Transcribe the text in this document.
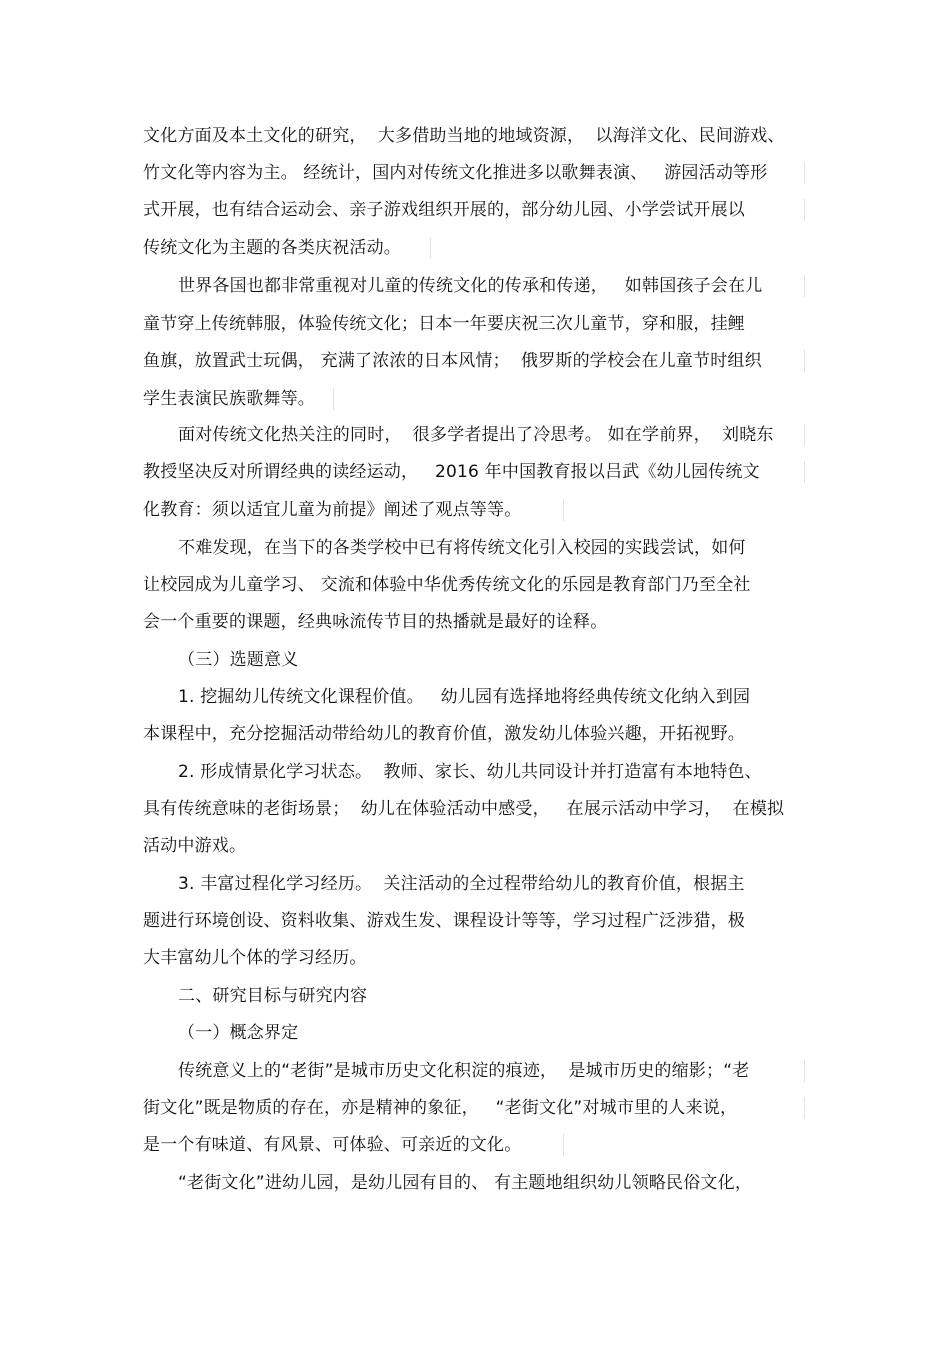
文化方面及本土文化的研究，  大多借助当地的地域资源，  以海洋文化、民间游戏、
竹文化等内容为主。 经统计，国内对传统文化推进多以歌舞表演、   游园活动等形
式开展，也有结合运动会、亲子游戏组织开展的，部分幼儿园、小学尝试开展以
传统文化为主题的各类庆祝活动。
世界各国也都非常重视对儿童的传统文化的传承和传递，   如韩国孩子会在儿
童节穿上传统韩服，体验传统文化；日本一年要庆祝三次儿童节，穿和服，挂鲤
鱼旗，放置武士玩偶， 充满了浓浓的日本风情；  俄罗斯的学校会在儿童节时组织
学生表演民族歌舞等。
面对传统文化热关注的同时，  很多学者提出了冷思考。 如在学前界，  刘晓东
教授坚决反对所谓经典的读经运动，   2016 年中国教育报以吕武《幼儿园传统文
化教育：须以适宜儿童为前提》阐述了观点等等。
不难发现，在当下的各类学校中已有将传统文化引入校园的实践尝试，如何
让校园成为儿童学习、 交流和体验中华优秀传统文化的乐园是教育部门乃至全社
会一个重要的课题，经典咏流传节目的热播就是最好的诠释。
（三）选题意义
1. 挖掘幼儿传统文化课程价值。   幼儿园有选择地将经典传统文化纳入到园
本课程中，充分挖掘活动带给幼儿的教育价值，激发幼儿体验兴趣，开拓视野。
2. 形成情景化学习状态。  教师、家长、幼儿共同设计并打造富有本地特色、
具有传统意味的老街场景；  幼儿在体验活动中感受，   在展示活动中学习，  在模拟
活动中游戏。
3. 丰富过程化学习经历。  关注活动的全过程带给幼儿的教育价值，根据主
题进行环境创设、资料收集、游戏生发、课程设计等等，学习过程广泛涉猎，极
大丰富幼儿个体的学习经历。
二、研究目标与研究内容
（一）概念界定
传统意义上的“老街”是城市历史文化积淀的痕迹，  是城市历史的缩影；“老
街文化”既是物质的存在，亦是精神的象征，   “老街文化”对城市里的人来说，
是一个有味道、有风景、可体验、可亲近的文化。
“老街文化”进幼儿园，是幼儿园有目的、 有主题地组织幼儿领略民俗文化，
